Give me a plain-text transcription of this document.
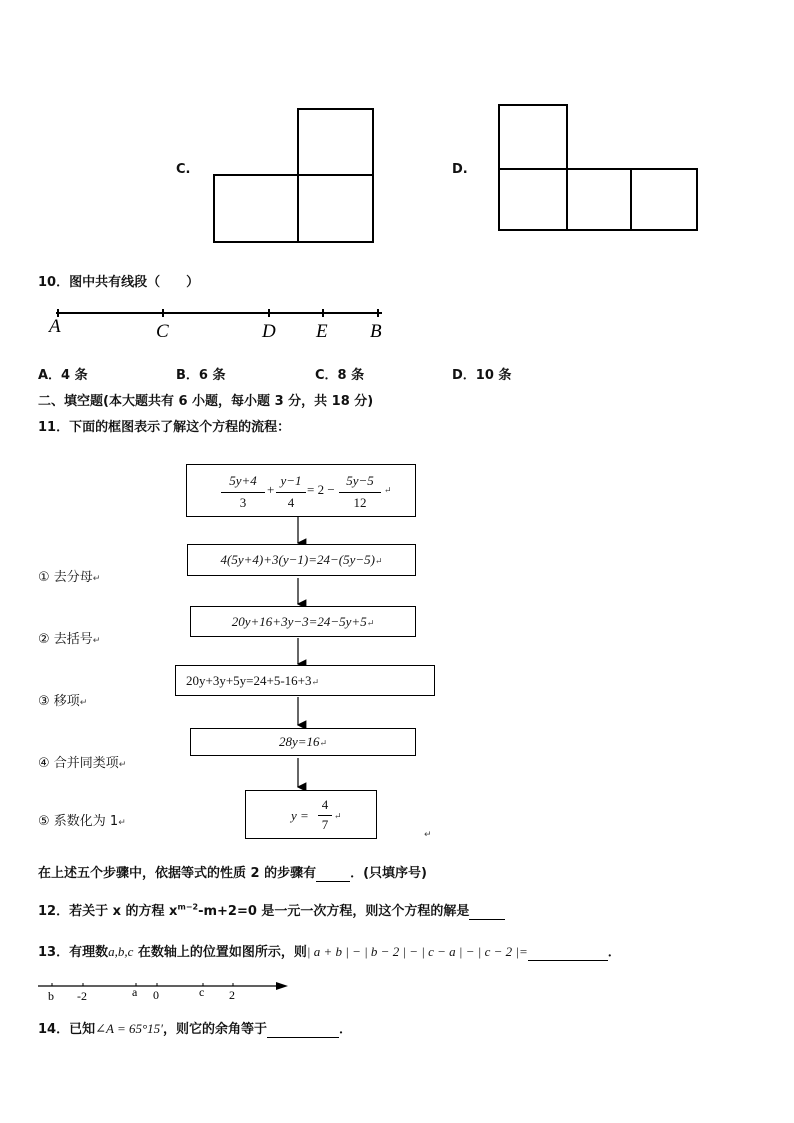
C.	D.
10．图中共有线段（　　）
A	C	D E B
A．4 条	B．6 条	C．8 条	D．10 条
二、填空题(本大题共有 6 小题，每小题 3 分，共 18 分)
11．下面的框图表示了解这个方程的流程：
5y+4
3
+
y−1
4
= 2 −
5y−5
12
↵
4(5y+4)+3(y−1)=24−(5y−5)↵
20y+16+3y−3=24−5y+5↵
20y+3y+5y=24+5-16+3↵
28y=16↵
y =
4
7
↵
① 去分母↵
② 去括号↵
③ 移项↵
④ 合并同类项↵
⑤ 系数化为 1↵
↵
在上述五个步骤中，依据等式的性质 2 的步骤有	．(只填序号)
12．若关于 x 的方程 $x^{m-2}-m+2=0$ 是一元一次方程，则这个方程的解是
13．有理数a,b,c 在数轴上的位置如图所示，则| a + b | − | b − 2 | − | c − a | − | c − 2 |=	．
b -2	a 0	c 2
14．已知∠A = 65°15′，则它的余角等于	．
